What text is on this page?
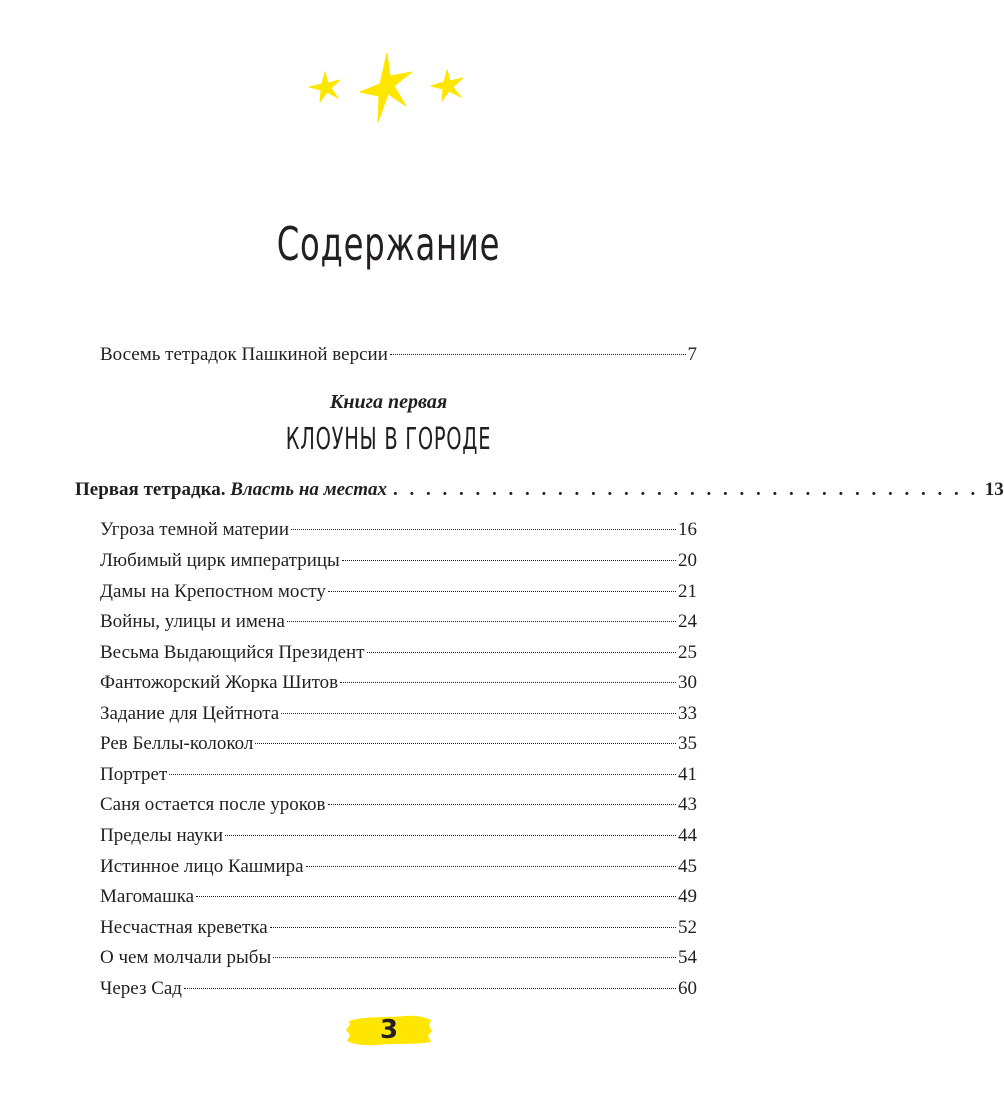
Содержание
Восемь тетрадок Пашкиной версии	7
Книга первая
КЛОУНЫ В ГОРОДЕ
Первая тетрадка. Власть на местах . . . . . . . . . . . . . . . . . . . . . . . . . . . . . . . . . . . . 13
Угроза темной материи	16
Любимый цирк императрицы	20
Дамы на Крепостном мосту	21
Войны, улицы и имена	24
Весьма Выдающийся Президент	25
Фантожорский Жорка Шитов	30
Задание для Цейтнота	33
Рев Беллы-колокол	35
Портрет	41
Саня остается после уроков	43
Пределы науки	44
Истинное лицо Кашмира	45
Магомашка	49
Несчастная креветка	52
О чем молчали рыбы	54
Через Сад	60
3
